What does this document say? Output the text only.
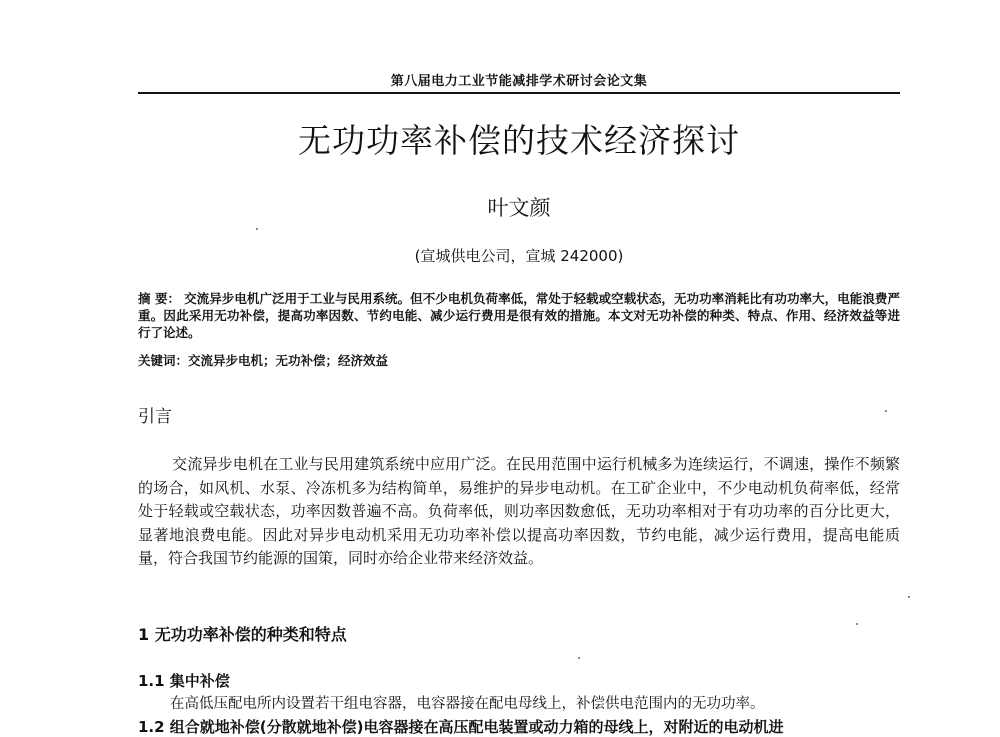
第八届电力工业节能减排学术研讨会论文集
无功功率补偿的技术经济探讨
叶文颜
(宣城供电公司，宣城 242000)
摘 要： 交流异步电机广泛用于工业与民用系统。但不少电机负荷率低，常处于轻载或空载状态，无功功率消耗比有功功率大，电能浪费严重。因此采用无功补偿，提高功率因数、节约电能、减少运行费用是很有效的措施。本文对无功补偿的种类、特点、作用、经济效益等进行了论述。
关键词：交流异步电机；无功补偿；经济效益
引言
交流异步电机在工业与民用建筑系统中应用广泛。在民用范围中运行机械多为连续运行，不调速，操作不频繁的场合，如风机、水泵、冷冻机多为结构简单，易维护的异步电动机。在工矿企业中，不少电动机负荷率低，经常处于轻载或空载状态，功率因数普遍不高。负荷率低，则功率因数愈低，无功功率相对于有功功率的百分比更大，显著地浪费电能。因此对异步电动机采用无功功率补偿以提高功率因数，节约电能，减少运行费用，提高电能质量，符合我国节约能源的国策，同时亦给企业带来经济效益。
1 无功功率补偿的种类和特点
1.1 集中补偿
在高低压配电所内设置若干组电容器，电容器接在配电母线上，补偿供电范围内的无功功率。
1.2 组合就地补偿(分散就地补偿)电容器接在高压配电装置或动力箱的母线上，对附近的电动机进
